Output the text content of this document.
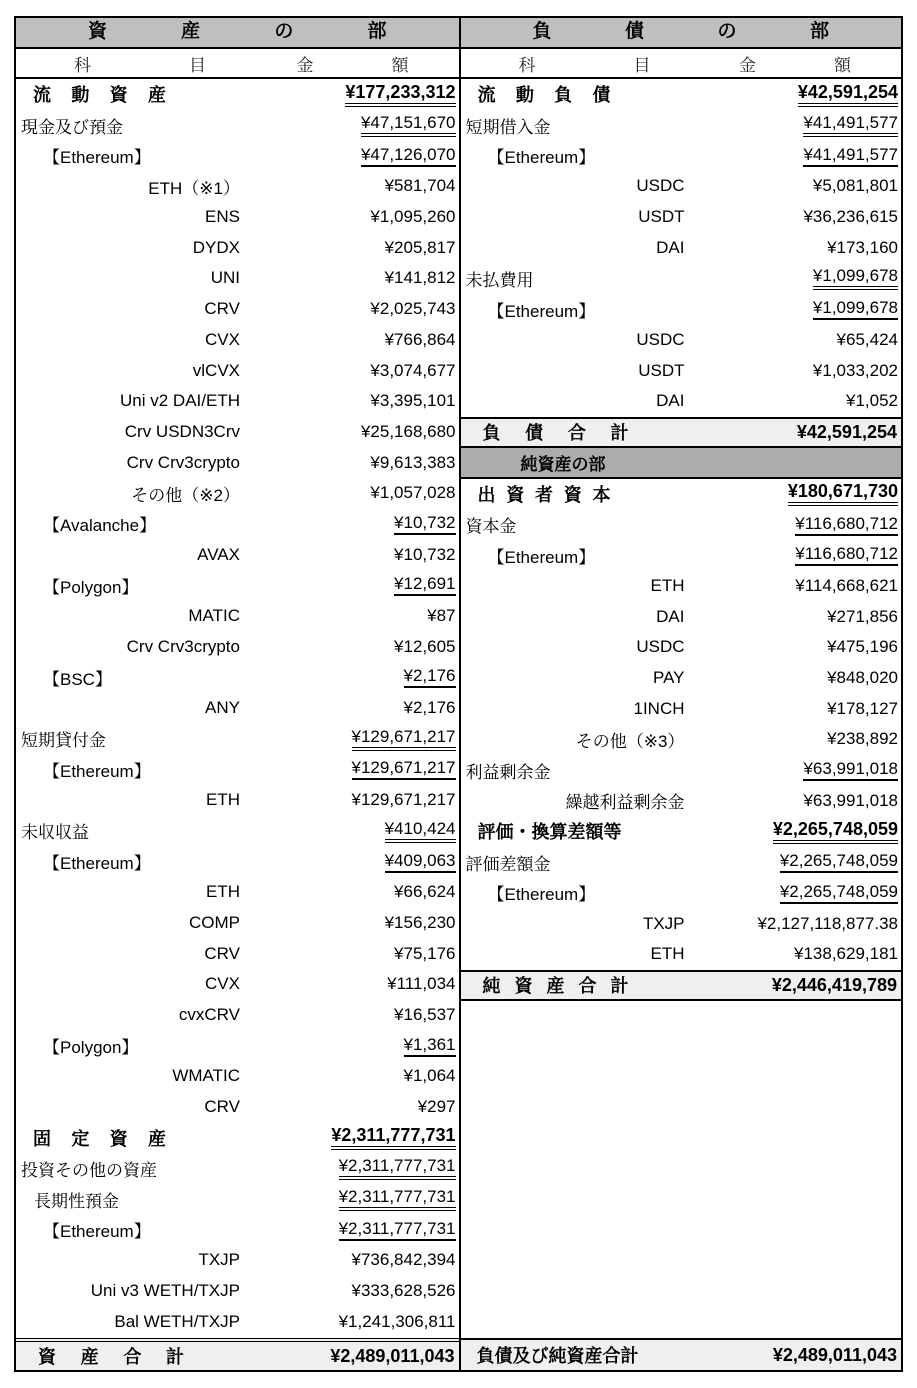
資産の部
科目	金額
流動資産	¥177,233,312
現金及び預金	¥47,151,670
【Ethereum】	¥47,126,070
ETH（※1）	¥581,704
ENS	¥1,095,260
DYDX	¥205,817
UNI	¥141,812
CRV	¥2,025,743
CVX	¥766,864
vlCVX	¥3,074,677
Uni v2 DAI/ETH	¥3,395,101
Crv USDN3Crv	¥25,168,680
Crv Crv3crypto	¥9,613,383
その他（※2）	¥1,057,028
【Avalanche】	¥10,732
AVAX	¥10,732
【Polygon】	¥12,691
MATIC	¥87
Crv Crv3crypto	¥12,605
【BSC】	¥2,176
ANY	¥2,176
短期貸付金	¥129,671,217
【Ethereum】	¥129,671,217
ETH	¥129,671,217
未収収益	¥410,424
【Ethereum】	¥409,063
ETH	¥66,624
COMP	¥156,230
CRV	¥75,176
CVX	¥111,034
cvxCRV	¥16,537
【Polygon】	¥1,361
WMATIC	¥1,064
CRV	¥297
固定資産	¥2,311,777,731
投資その他の資産	¥2,311,777,731
長期性預金	¥2,311,777,731
【Ethereum】	¥2,311,777,731
TXJP	¥736,842,394
Uni v3 WETH/TXJP	¥333,628,526
Bal WETH/TXJP	¥1,241,306,811
資産合計	¥2,489,011,043
負債の部
科目	金額
流動負債	¥42,591,254
短期借入金	¥41,491,577
【Ethereum】	¥41,491,577
USDC	¥5,081,801
USDT	¥36,236,615
DAI	¥173,160
未払費用	¥1,099,678
【Ethereum】	¥1,099,678
USDC	¥65,424
USDT	¥1,033,202
DAI	¥1,052
負債合計	¥42,591,254
純資産の部
出資者資本	¥180,671,730
資本金	¥116,680,712
【Ethereum】	¥116,680,712
ETH	¥114,668,621
DAI	¥271,856
USDC	¥475,196
PAY	¥848,020
1INCH	¥178,127
その他（※3）	¥238,892
利益剰余金	¥63,991,018
繰越利益剰余金	¥63,991,018
評価・換算差額等	¥2,265,748,059
評価差額金	¥2,265,748,059
【Ethereum】	¥2,265,748,059
TXJP	¥2,127,118,877.38
ETH	¥138,629,181
純資産合計	¥2,446,419,789
負債及び純資産合計	¥2,489,011,043
